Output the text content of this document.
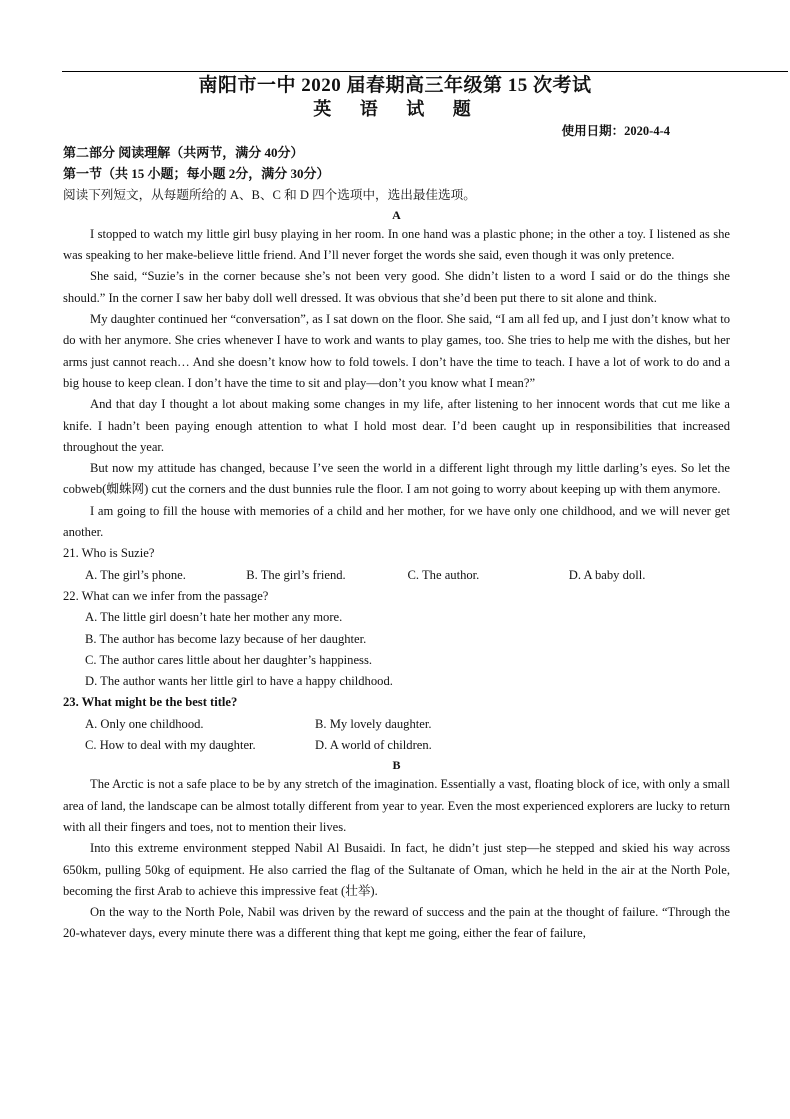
南阳市一中 2020 届春期高三年级第 15 次考试
英 语 试 题
使用日期：2020-4-4
第二部分 阅读理解（共两节，满分 40分）
第一节（共 15 小题；每小题 2分，满分 30分）
阅读下列短文，从每题所给的 A、B、C 和 D 四个选项中，选出最佳选项。
A
I stopped to watch my little girl busy playing in her room. In one hand was a plastic phone; in the other a toy. I listened as she was speaking to her make-believe little friend. And I’ll never forget the words she said, even though it was only pretence.
She said, “Suzie’s in the corner because she’s not been very good. She didn’t listen to a word I said or do the things she should.” In the corner I saw her baby doll well dressed. It was obvious that she’d been put there to sit alone and think.
My daughter continued her “conversation”, as I sat down on the floor. She said, “I am all fed up, and I just don’t know what to do with her anymore. She cries whenever I have to work and wants to play games, too. She tries to help me with the dishes, but her arms just cannot reach… And she doesn’t know how to fold towels. I don’t have the time to teach. I have a lot of work to do and a big house to keep clean. I don’t have the time to sit and play—don’t you know what I mean?”
And that day I thought a lot about making some changes in my life, after listening to her innocent words that cut me like a knife. I hadn’t been paying enough attention to what I hold most dear. I’d been caught up in responsibilities that increased throughout the year.
But now my attitude has changed, because I’ve seen the world in a different light through my little darling’s eyes. So let the cobweb(蜘蛛网) cut the corners and the dust bunnies rule the floor. I am not going to worry about keeping up with them anymore.
I am going to fill the house with memories of a child and her mother, for we have only one childhood, and we will never get another.
21. Who is Suzie?
A. The girl’s phone.	B. The girl’s friend.	C. The author.	D. A baby doll.
22. What can we infer from the passage?
A. The little girl doesn’t hate her mother any more.
B. The author has become lazy because of her daughter.
C. The author cares little about her daughter’s happiness.
D. The author wants her little girl to have a happy childhood.
23. What might be the best title?
A. Only one childhood.	B. My lovely daughter.
C. How to deal with my daughter.	D. A world of children.
B
The Arctic is not a safe place to be by any stretch of the imagination. Essentially a vast, floating block of ice, with only a small area of land, the landscape can be almost totally different from year to year. Even the most experienced explorers are lucky to return with all their fingers and toes, not to mention their lives.
Into this extreme environment stepped Nabil Al Busaidi. In fact, he didn’t just step—he stepped and skied his way across 650km, pulling 50kg of equipment. He also carried the flag of the Sultanate of Oman, which he held in the air at the North Pole, becoming the first Arab to achieve this impressive feat (壮举).
On the way to the North Pole, Nabil was driven by the reward of success and the pain at the thought of failure. “Through the 20-whatever days, every minute there was a different thing that kept me going, either the fear of failure,
